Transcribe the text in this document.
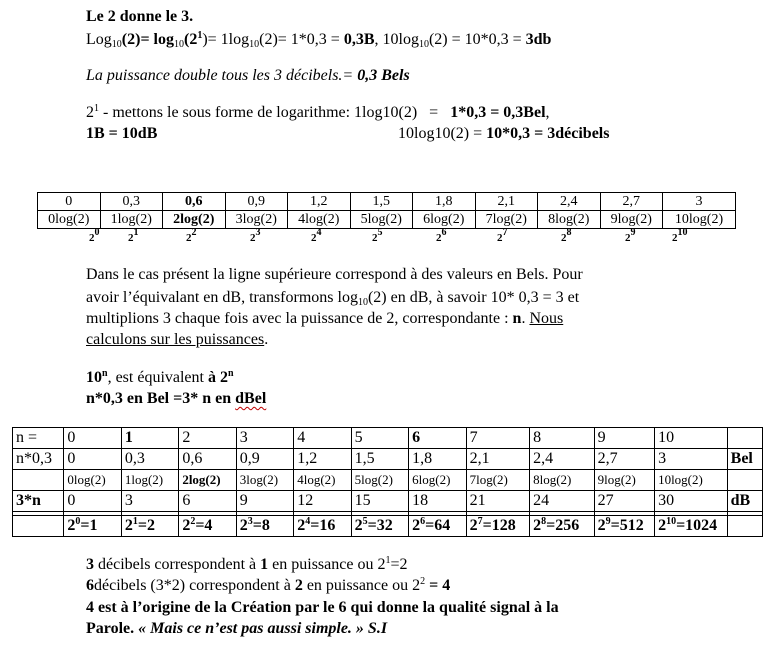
Le 2 donne le 3.
$Log_{10}(2)= \log_{10}(2^1)= 1\log_{10}(2)= 1*0,3 = 0,3B$, $10\log_{10}(2) = 10*0,3 = 3db$
La puissance double tous les 3 décibels.= 0,3 Bels
$2^1$ - mettons le sous forme de logarithme: 1log10(2)   =   1*0,3 = 0,3Bel,
1B = 10dB	10log10(2) = 10*0,3 = 3décibels
0	0,3	0,6	0,9	1,2	1,5	1,8	2,1	2,4	2,7	3
0log(2)	1log(2)	2log(2)	3log(2)	4log(2)	5log(2)	6log(2)	7log(2)	8log(2)	9log(2)	10log(2)
$2^0$	$2^1$	$2^2$	$2^3$	$2^4$	$2^5$	$2^6$	$2^7$	$2^8$	$2^9$	$2^{10}$
Dans le cas présent la ligne supérieure correspond à des valeurs en Bels. Pour
avoir l’équivalant en dB, transformons $\log_{10}(2)$ en dB, à savoir 10* 0,3 = 3 et
multiplions 3 chaque fois avec la puissance de 2, correspondante : n. Nous
calculons sur les puissances.
10$^n$, est équivalent à 2$^n$
n*0,3 en Bel =3* n en dBel
n =	0	1	2	3	4	5	6	7	8	9	10	
n*0,3	0	0,3	0,6	0,9	1,2	1,5	1,8	2,1	2,4	2,7	3	Bel
	0log(2)	1log(2)	2log(2)	3log(2)	4log(2)	5log(2)	6log(2)	7log(2)	8log(2)	9log(2)	10log(2)	
3*n	0	3	6	9	12	15	18	21	24	27	30	dB

	$2^0=1$	$2^1=2$	$2^2=4$	$2^3=8$	$2^4=16$	$2^5=32$	$2^6=64$	$2^7=128$	$2^8=256$	$2^9=512$	$2^{10}=1024$	
3 décibels correspondent à 1 en puissance ou $2^1=2$
6décibels (3*2) correspondent à 2 en puissance ou $2^2 = 4$
4 est à l’origine de la Création par le 6 qui donne la qualité signal à la
Parole. « Mais ce n’est pas aussi simple. » S.I
